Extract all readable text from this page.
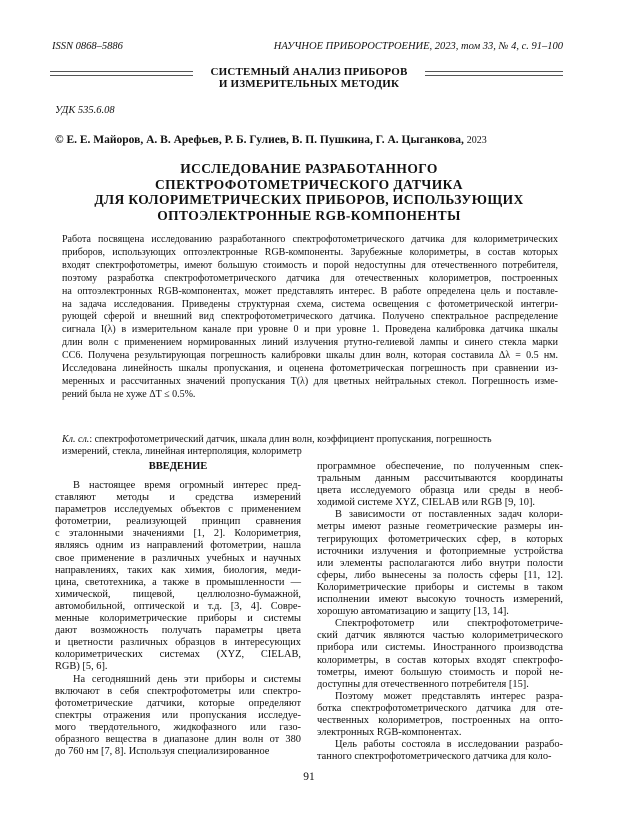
ISSN 0868–5886	НАУЧНОЕ ПРИБОРОСТРОЕНИЕ, 2023, том 33, № 4, с. 91–100
СИСТЕМНЫЙ АНАЛИЗ ПРИБОРОВ
И ИЗМЕРИТЕЛЬНЫХ МЕТОДИК
УДК 535.6.08
© Е. Е. Майоров, А. В. Арефьев, Р. Б. Гулиев, В. П. Пушкина, Г. А. Цыганкова, 2023
ИССЛЕДОВАНИЕ РАЗРАБОТАННОГО
СПЕКТРОФОТОМЕТРИЧЕСКОГО ДАТЧИКА
ДЛЯ КОЛОРИМЕТРИЧЕСКИХ ПРИБОРОВ, ИСПОЛЬЗУЮЩИХ
ОПТОЭЛЕКТРОННЫЕ RGB-КОМПОНЕНТЫ
Работа посвящена исследованию разработанного спектрофотометрического датчика для колориметрических
приборов, использующих оптоэлектронные RGB-компоненты. Зарубежные колориметры, в состав которых
входят спектрофотометры, имеют большую стоимость и порой недоступны для отечественного потребителя,
поэтому разработка спектрофотометрического датчика для отечественных колориметров, построенных
на оптоэлектронных RGB-компонентах, может представлять интерес. В работе определена цель и поставле-
на задача исследования. Приведены структурная схема, система освещения с фотометрической интегри-
рующей сферой и внешний вид спектрофотометрического датчика. Получено спектральное распределение
сигнала I(λ) в измерительном канале при уровне 0 и при уровне 1. Проведена калибровка датчика шкалы
длин волн с применением нормированных линий излучения ртутно-гелиевой лампы и синего стекла марки
СС6. Получена результирующая погрешность калибровки шкалы длин волн, которая составила Δλ = 0.5 нм.
Исследована линейность шкалы пропускания, и оценена фотометрическая погрешность при сравнении из-
меренных и рассчитанных значений пропускания T(λ) для цветных нейтральных стекол. Погрешность изме-
рений была не хуже ΔT ≤ 0.5%.
Кл. сл.: спектрофотометрический датчик, шкала длин волн, коэффициент пропускания, погрешность
измерений, стекла, линейная интерполяция, колориметр
ВВЕДЕНИЕ
В настоящее время огромный интерес пред-
ставляют методы и средства измерений
параметров исследуемых объектов с применением
фотометрии, реализующей принцип сравнения
с эталонными значениями [1, 2]. Колориметрия,
являясь одним из направлений фотометрии, нашла
свое применение в различных учебных и научных
направлениях, таких как химия, биология, меди-
цина, светотехника, а также в промышленности —
химической, пищевой, целлюлозно-бумажной,
автомобильной, оптической и т.д. [3, 4]. Совре-
менные колориметрические приборы и системы
дают возможность получать параметры цвета
и цветности различных образцов в интересующих
колориметрических системах (XYZ, CIELAB,
RGB) [5, 6].
На сегодняшний день эти приборы и системы
включают в себя спектрофотометры или спектро-
фотометрические датчики, которые определяют
спектры отражения или пропускания исследуе-
мого твердотельного, жидкофазного или газо-
образного вещества в диапазоне длин волн от 380
до 760 нм [7, 8]. Используя специализированное
программное обеспечение, по полученным спек-
тральным данным рассчитываются координаты
цвета исследуемого образца или среды в необ-
ходимой системе XYZ, CIELAB или RGB [9, 10].
В зависимости от поставленных задач колори-
метры имеют разные геометрические размеры ин-
тегрирующих фотометрических сфер, в которых
источники излучения и фотоприемные устройства
или элементы располагаются либо внутри полости
сферы, либо вынесены за полость сферы [11, 12].
Колориметрические приборы и системы в таком
исполнении имеют высокую точность измерений,
хорошую автоматизацию и защиту [13, 14].
Спектрофотометр или спектрофотометриче-
ский датчик являются частью колориметрического
прибора или системы. Иностранного производства
колориметры, в состав которых входят спектрофо-
тометры, имеют большую стоимость и порой не-
доступны для отечественного потребителя [15].
Поэтому может представлять интерес разра-
ботка спектрофотометрического датчика для оте-
чественных колориметров, построенных на опто-
электронных RGB-компонентах.
Цель работы состояла в исследовании разрабо-
танного спектрофотометрического датчика для коло-
91
